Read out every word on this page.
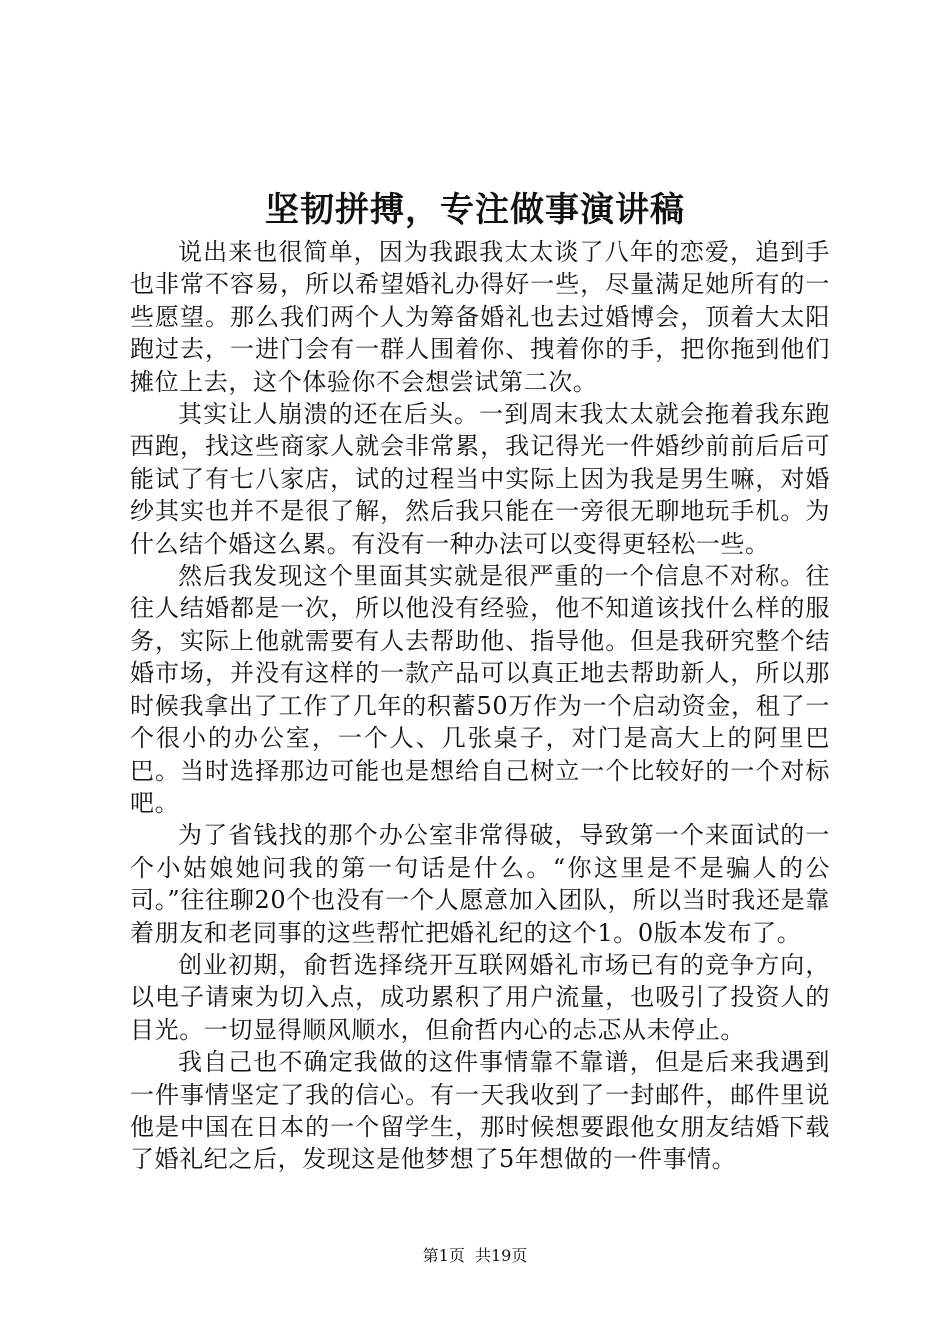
坚韧拼搏，专注做事演讲稿

说出来也很简单，因为我跟我太太谈了八年的恋爱，追到手也非常不容易，所以希望婚礼办得好一些，尽量满足她所有的一些愿望。那么我们两个人为筹备婚礼也去过婚博会，顶着大太阳跑过去，一进门会有一群人围着你、拽着你的手，把你拖到他们摊位上去，这个体验你不会想尝试第二次。

其实让人崩溃的还在后头。一到周末我太太就会拖着我东跑西跑，找这些商家人就会非常累，我记得光一件婚纱前前后后可能试了有七八家店，试的过程当中实际上因为我是男生嘛，对婚纱其实也并不是很了解，然后我只能在一旁很无聊地玩手机。为什么结个婚这么累。有没有一种办法可以变得更轻松一些。

然后我发现这个里面其实就是很严重的一个信息不对称。往往人结婚都是一次，所以他没有经验，他不知道该找什么样的服务，实际上他就需要有人去帮助他、指导他。但是我研究整个结婚市场，并没有这样的一款产品可以真正地去帮助新人，所以那时候我拿出了工作了几年的积蓄50万作为一个启动资金，租了一个很小的办公室，一个人、几张桌子，对门是高大上的阿里巴巴。当时选择那边可能也是想给自己树立一个比较好的一个对标吧。

为了省钱找的那个办公室非常得破，导致第一个来面试的一个小姑娘她问我的第一句话是什么。“你这里是不是骗人的公司。”往往聊20个也没有一个人愿意加入团队，所以当时我还是靠着朋友和老同事的这些帮忙把婚礼纪的这个1。0版本发布了。

创业初期，俞哲选择绕开互联网婚礼市场已有的竞争方向，以电子请柬为切入点，成功累积了用户流量，也吸引了投资人的目光。一切显得顺风顺水，但俞哲内心的忐忑从未停止。

我自己也不确定我做的这件事情靠不靠谱，但是后来我遇到一件事情坚定了我的信心。有一天我收到了一封邮件，邮件里说他是中国在日本的一个留学生，那时候想要跟他女朋友结婚下载了婚礼纪之后，发现这是他梦想了5年想做的一件事情。

第1页  共19页
